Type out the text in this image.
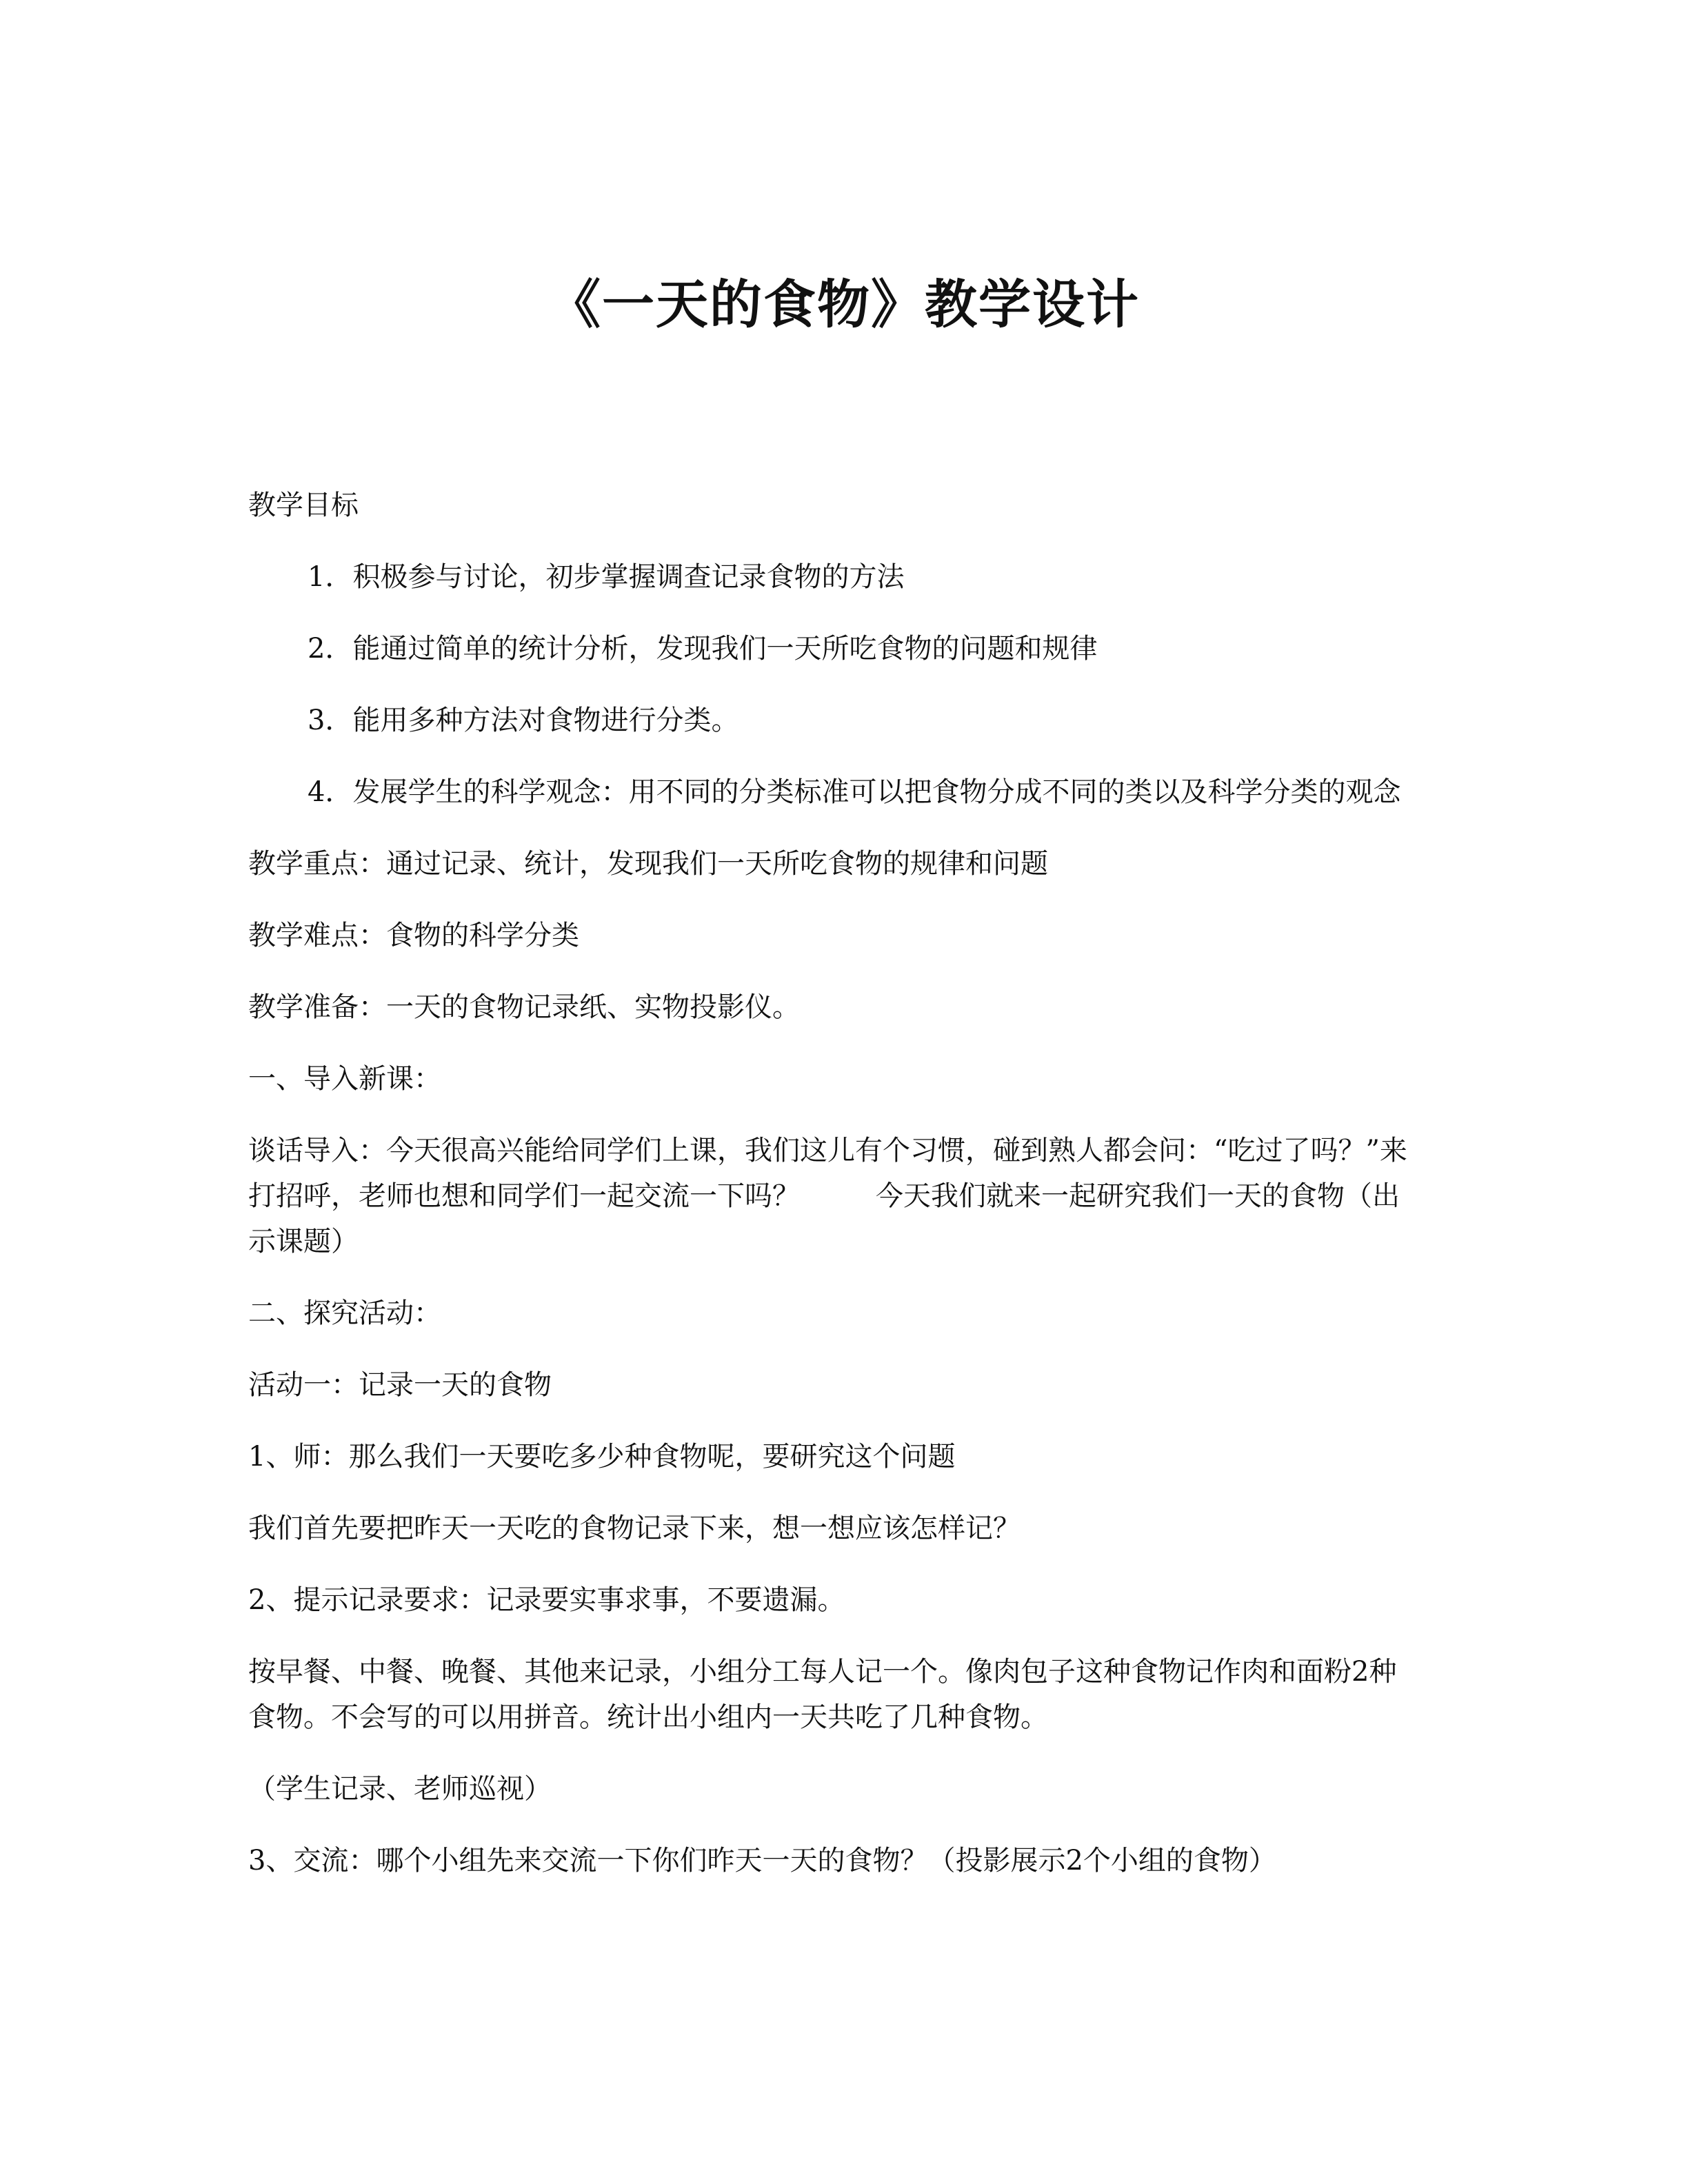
《一天的食物》教学设计

教学目标

1．积极参与讨论，初步掌握调查记录食物的方法

2．能通过简单的统计分析，发现我们一天所吃食物的问题和规律

3．能用多种方法对食物进行分类。

4．发展学生的科学观念：用不同的分类标准可以把食物分成不同的类以及科学分类的观念

教学重点：通过记录、统计，发现我们一天所吃食物的规律和问题

教学难点：食物的科学分类

教学准备：一天的食物记录纸、实物投影仪。

一、导入新课：

谈话导入：今天很高兴能给同学们上课，我们这儿有个习惯，碰到熟人都会问：“吃过了吗？”来打招呼，老师也想和同学们一起交流一下吗？	今天我们就来一起研究我们一天的食物（出示课题）

二、探究活动：

活动一：记录一天的食物

1、师：那么我们一天要吃多少种食物呢，要研究这个问题

我们首先要把昨天一天吃的食物记录下来，想一想应该怎样记？

2、提示记录要求：记录要实事求事，不要遗漏。

按早餐、中餐、晚餐、其他来记录，小组分工每人记一个。像肉包子这种食物记作肉和面粉2种食物。不会写的可以用拼音。统计出小组内一天共吃了几种食物。

（学生记录、老师巡视）

3、交流：哪个小组先来交流一下你们昨天一天的食物？（投影展示2个小组的食物）
